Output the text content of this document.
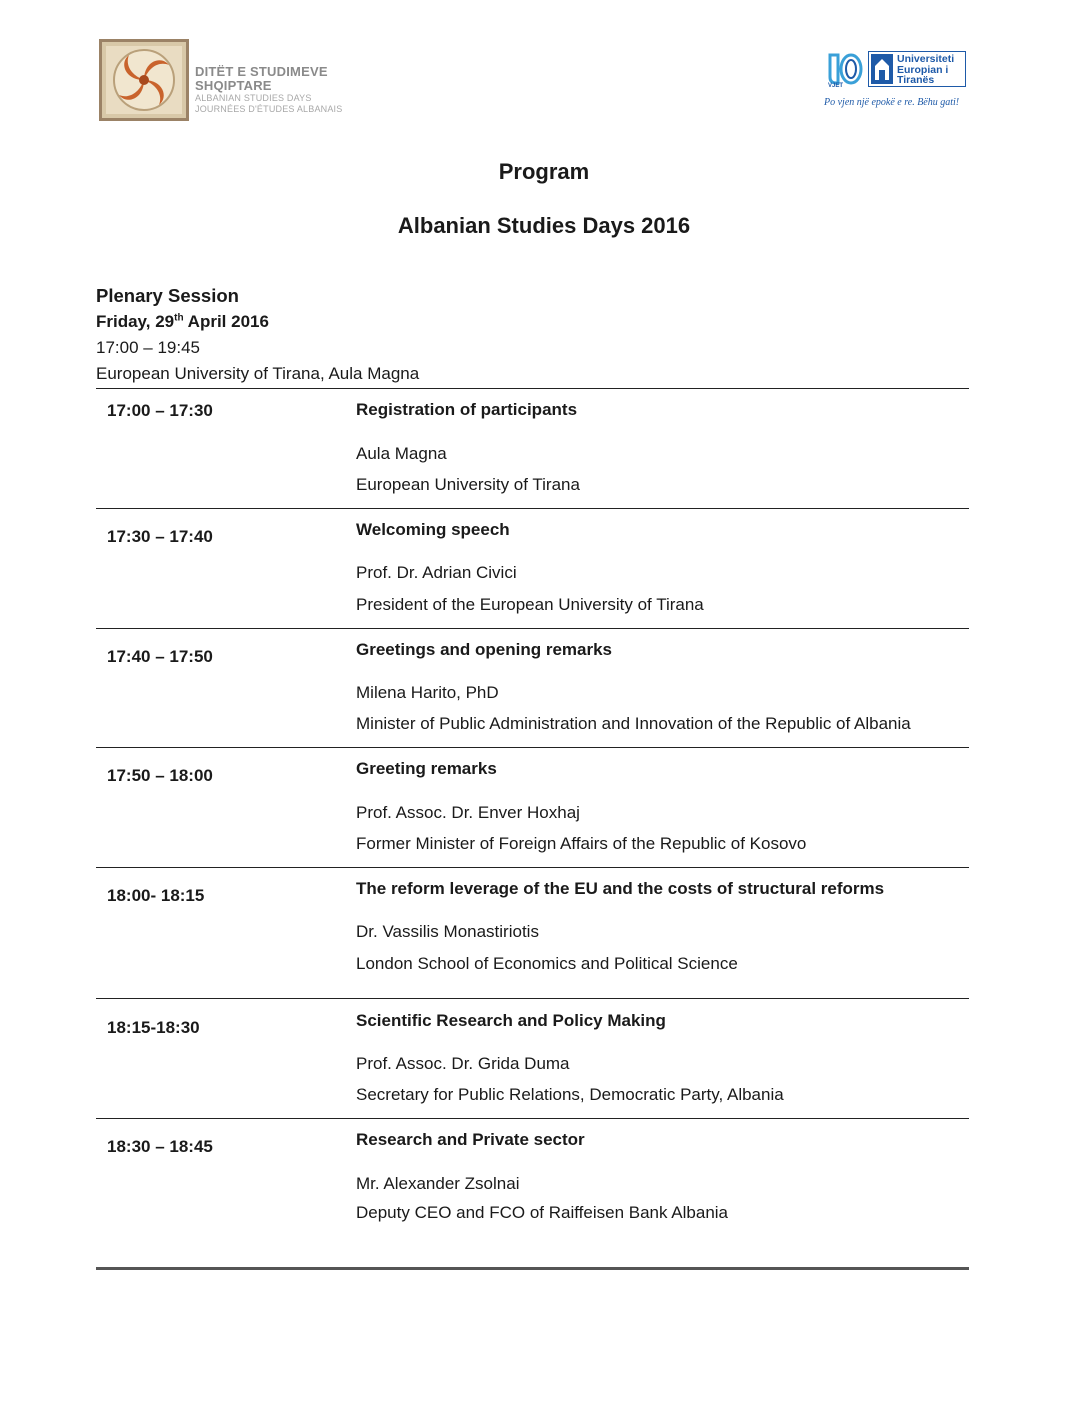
DITËT E STUDIMEVE
SHQIPTARE
ALBANIAN STUDIES DAYS
JOURNÉES D'ÉTUDES ALBANAIS
VJET
Universiteti
Europian i
Tiranës
Po vjen një epokë e re. Bëhu gati!
Program
Albanian Studies Days 2016
Plenary Session
Friday, 29th April 2016
17:00 – 19:45
European University of Tirana, Aula Magna
17:00 – 17:30	Registration of participants
Aula Magna
European University of Tirana
17:30 – 17:40	Welcoming speech
Prof. Dr. Adrian Civici
President of the European University of Tirana
17:40 – 17:50	Greetings and opening remarks
Milena Harito, PhD
Minister of Public Administration and Innovation of the Republic of Albania
17:50 – 18:00	Greeting remarks
Prof. Assoc. Dr. Enver Hoxhaj
Former Minister of Foreign Affairs of the Republic of Kosovo
18:00- 18:15	The reform leverage of the EU and the costs of structural reforms
Dr. Vassilis Monastiriotis
London School of Economics and Political Science
18:15-18:30	Scientific Research and Policy Making
Prof. Assoc. Dr. Grida Duma
Secretary for Public Relations, Democratic Party, Albania
18:30 – 18:45	Research and Private sector
Mr. Alexander Zsolnai
Deputy CEO and FCO of Raiffeisen Bank Albania
